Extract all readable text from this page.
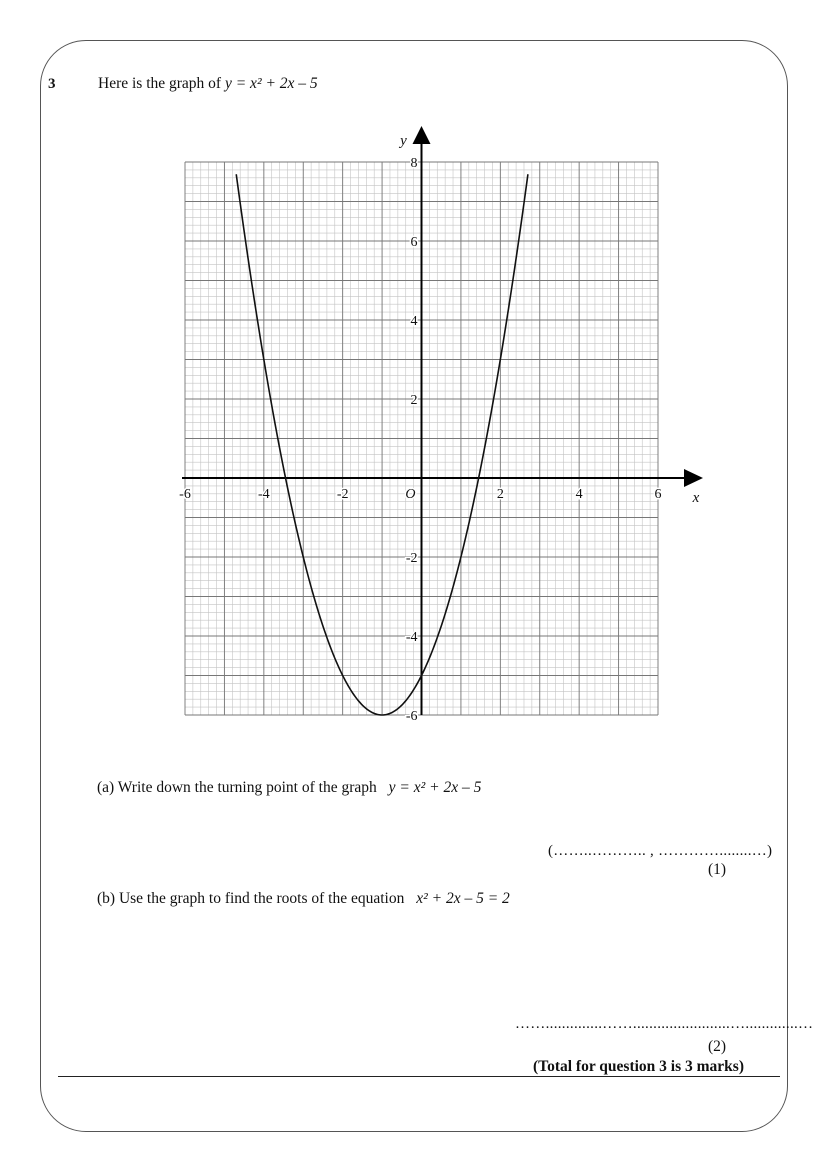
3	Here is the graph of y = x² + 2x – 5
-6	-4	-2	2	4	6
-6
-4
-2
2
4
6
8
O	x
y
(a) Write down the turning point of the graph y = x² + 2x – 5
(……..……….. , …………........…)
(1)
(b) Use the graph to find the roots of the equation x² + 2x – 5 = 2
……..............……........................….............…
(2)
(Total for question 3 is 3 marks)
